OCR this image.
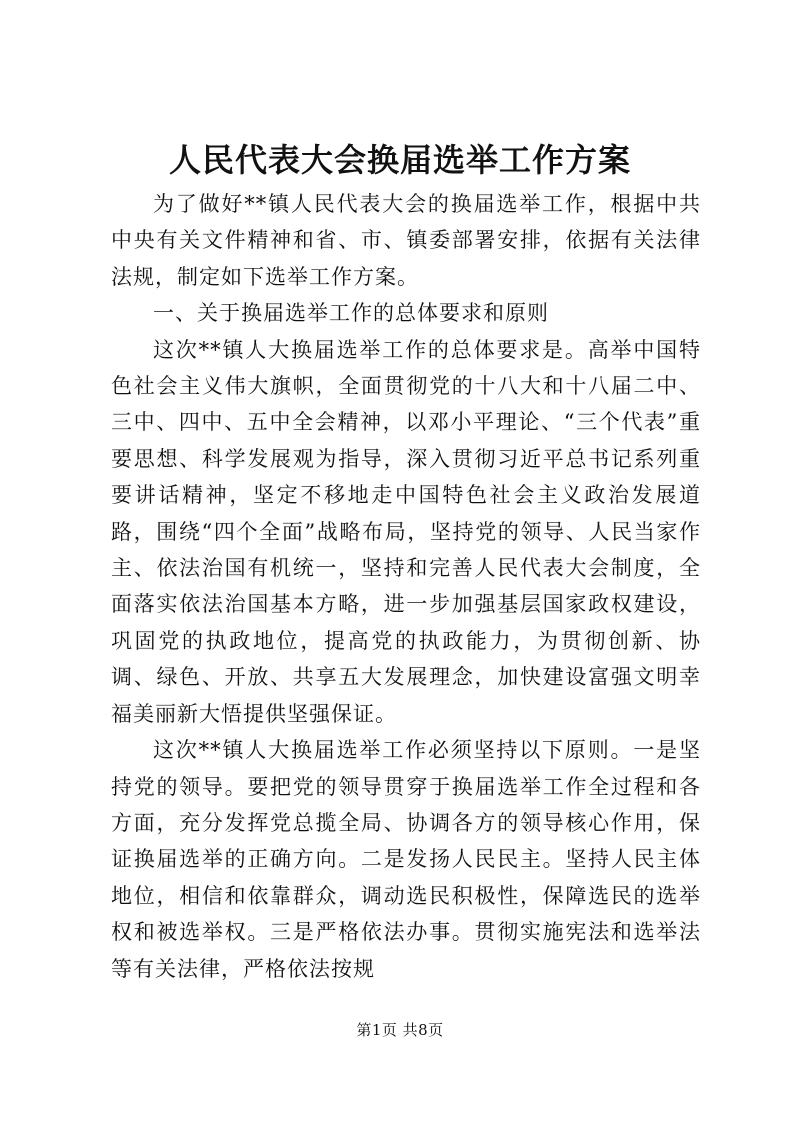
人民代表大会换届选举工作方案

为了做好**镇人民代表大会的换届选举工作，根据中共中央有关文件精神和省、市、镇委部署安排，依据有关法律法规，制定如下选举工作方案。

一、关于换届选举工作的总体要求和原则

这次**镇人大换届选举工作的总体要求是。高举中国特色社会主义伟大旗帜，全面贯彻党的十八大和十八届二中、三中、四中、五中全会精神，以邓小平理论、“三个代表”重要思想、科学发展观为指导，深入贯彻习近平总书记系列重要讲话精神，坚定不移地走中国特色社会主义政治发展道路，围绕“四个全面”战略布局，坚持党的领导、人民当家作主、依法治国有机统一，坚持和完善人民代表大会制度，全面落实依法治国基本方略，进一步加强基层国家政权建设，巩固党的执政地位，提高党的执政能力，为贯彻创新、协调、绿色、开放、共享五大发展理念，加快建设富强文明幸福美丽新大悟提供坚强保证。

这次**镇人大换届选举工作必须坚持以下原则。一是坚持党的领导。要把党的领导贯穿于换届选举工作全过程和各方面，充分发挥党总揽全局、协调各方的领导核心作用，保证换届选举的正确方向。二是发扬人民民主。坚持人民主体地位，相信和依靠群众，调动选民积极性，保障选民的选举权和被选举权。三是严格依法办事。贯彻实施宪法和选举法等有关法律，严格依法按规

第1页 共8页
